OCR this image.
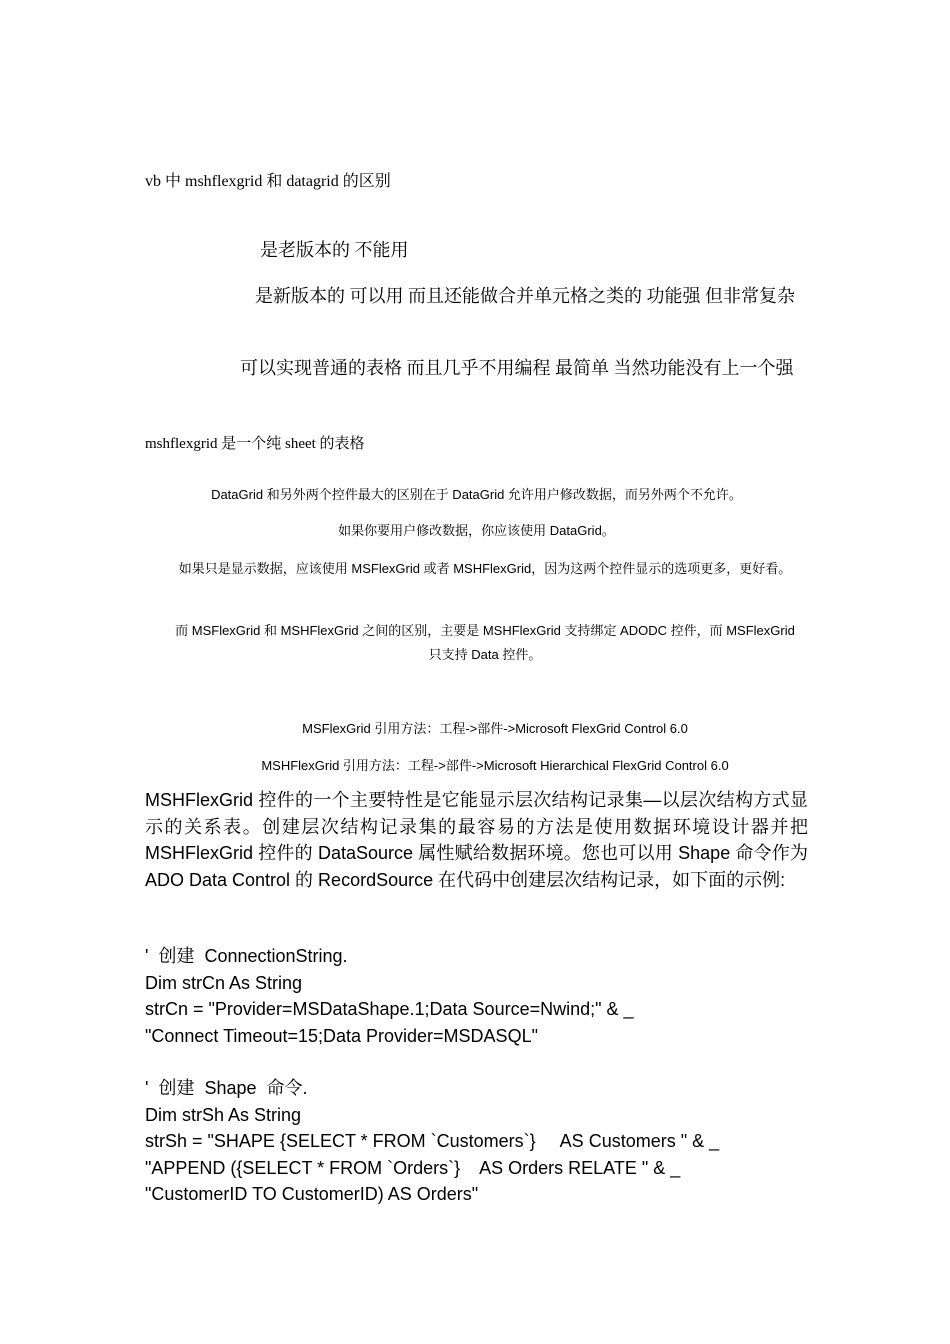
vb 中 mshflexgrid 和 datagrid 的区别
是老版本的 不能用
是新版本的 可以用 而且还能做合并单元格之类的 功能强 但非常复杂
可以实现普通的表格 而且几乎不用编程 最简单 当然功能没有上一个强
mshflexgrid 是一个纯 sheet 的表格
DataGrid 和另外两个控件最大的区别在于 DataGrid 允许用户修改数据，而另外两个不允许。
如果你要用户修改数据，你应该使用 DataGrid。
如果只是显示数据，应该使用 MSFlexGrid 或者 MSHFlexGrid，因为这两个控件显示的选项更多，更好看。
而 MSFlexGrid 和 MSHFlexGrid 之间的区别，主要是 MSHFlexGrid 支持绑定 ADODC 控件，而 MSFlexGrid 只支持 Data 控件。
MSFlexGrid 引用方法：工程->部件->Microsoft FlexGrid Control 6.0
MSHFlexGrid 引用方法：工程->部件->Microsoft Hierarchical FlexGrid Control 6.0
MSHFlexGrid 控件的一个主要特性是它能显示层次结构记录集—以层次结构方式显示的关系表。创建层次结构记录集的最容易的方法是使用数据环境设计器并把 MSHFlexGrid 控件的 DataSource 属性赋给数据环境。您也可以用 Shape 命令作为 ADO Data Control 的 RecordSource 在代码中创建层次结构记录，如下面的示例:
'  创建  ConnectionString.
Dim strCn As String
strCn = "Provider=MSDataShape.1;Data Source=Nwind;" & _
"Connect Timeout=15;Data Provider=MSDASQL"
'  创建  Shape  命令.
Dim strSh As String
strSh = "SHAPE {SELECT * FROM `Customers`}     AS Customers " & _
"APPEND ({SELECT * FROM `Orders`}    AS Orders RELATE " & _
"CustomerID TO CustomerID) AS Orders"
